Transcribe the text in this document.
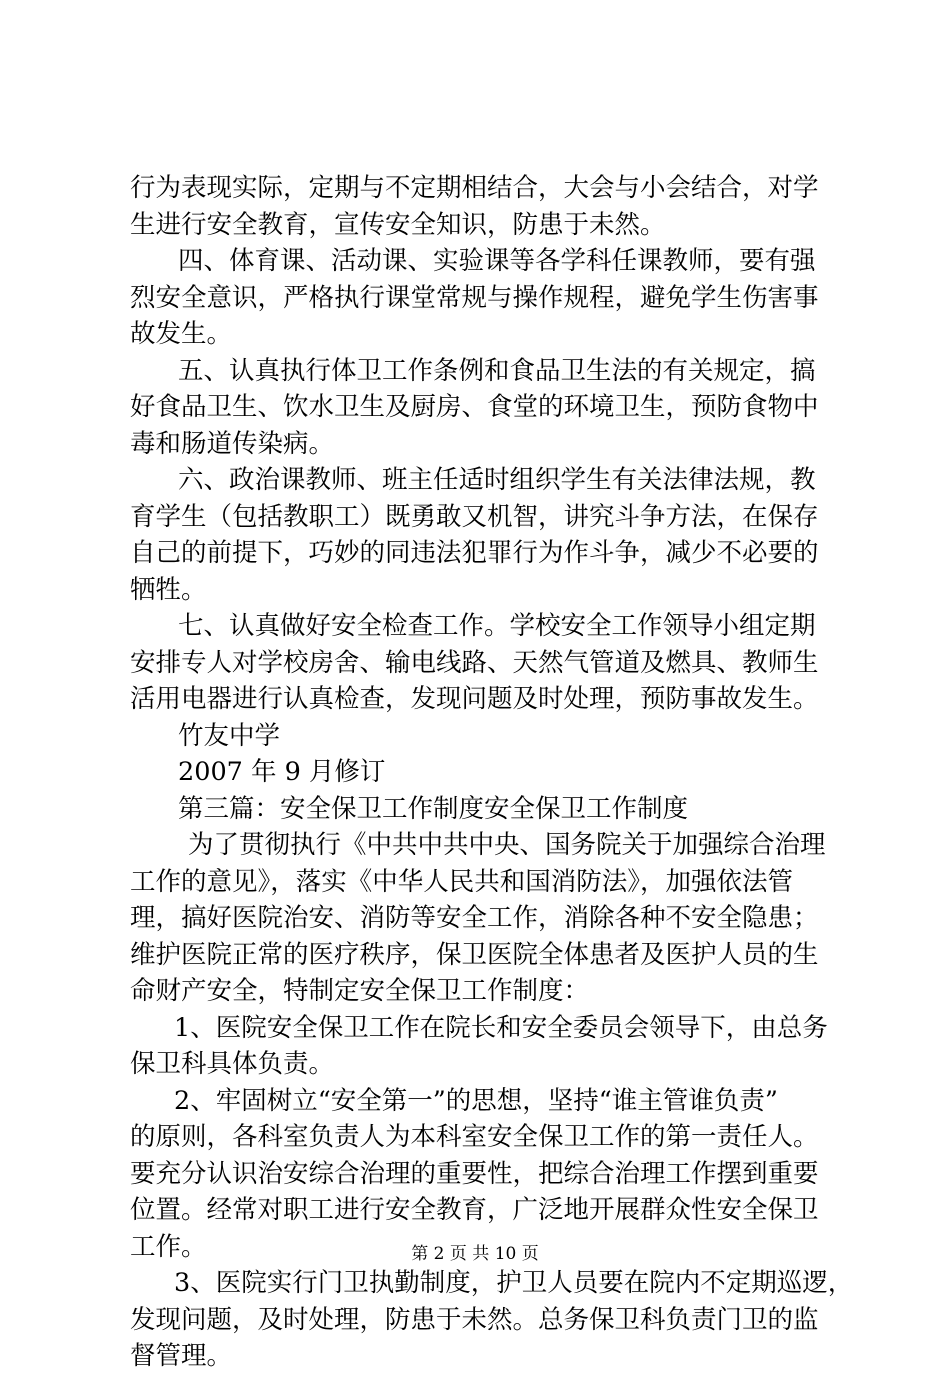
行为表现实际，定期与不定期相结合，大会与小会结合，对学
生进行安全教育，宣传安全知识，防患于未然。
四、体育课、活动课、实验课等各学科任课教师，要有强
烈安全意识，严格执行课堂常规与操作规程，避免学生伤害事
故发生。
五、认真执行体卫工作条例和食品卫生法的有关规定，搞
好食品卫生、饮水卫生及厨房、食堂的环境卫生，预防食物中
毒和肠道传染病。
六、政治课教师、班主任适时组织学生有关法律法规，教
育学生（包括教职工）既勇敢又机智，讲究斗争方法，在保存
自己的前提下，巧妙的同违法犯罪行为作斗争，减少不必要的
牺牲。
七、认真做好安全检查工作。学校安全工作领导小组定期
安排专人对学校房舍、输电线路、天然气管道及燃具、教师生
活用电器进行认真检查，发现问题及时处理，预防事故发生。
竹友中学
2007 年 9 月修订
第三篇：安全保卫工作制度安全保卫工作制度
为了贯彻执行《中共中共中央、国务院关于加强综合治理
工作的意见》，落实《中华人民共和国消防法》，加强依法管
理，搞好医院治安、消防等安全工作，消除各种不安全隐患；
维护医院正常的医疗秩序，保卫医院全体患者及医护人员的生
命财产安全，特制定安全保卫工作制度：
1、医院安全保卫工作在院长和安全委员会领导下，由总务
保卫科具体负责。
2、牢固树立“安全第一”的思想，坚持“谁主管谁负责”
的原则，各科室负责人为本科室安全保卫工作的第一责任人。
要充分认识治安综合治理的重要性，把综合治理工作摆到重要
位置。经常对职工进行安全教育，广泛地开展群众性安全保卫
工作。
3、医院实行门卫执勤制度，护卫人员要在院内不定期巡逻，
发现问题，及时处理，防患于未然。总务保卫科负责门卫的监
督管理。
第 2 页 共 10 页
